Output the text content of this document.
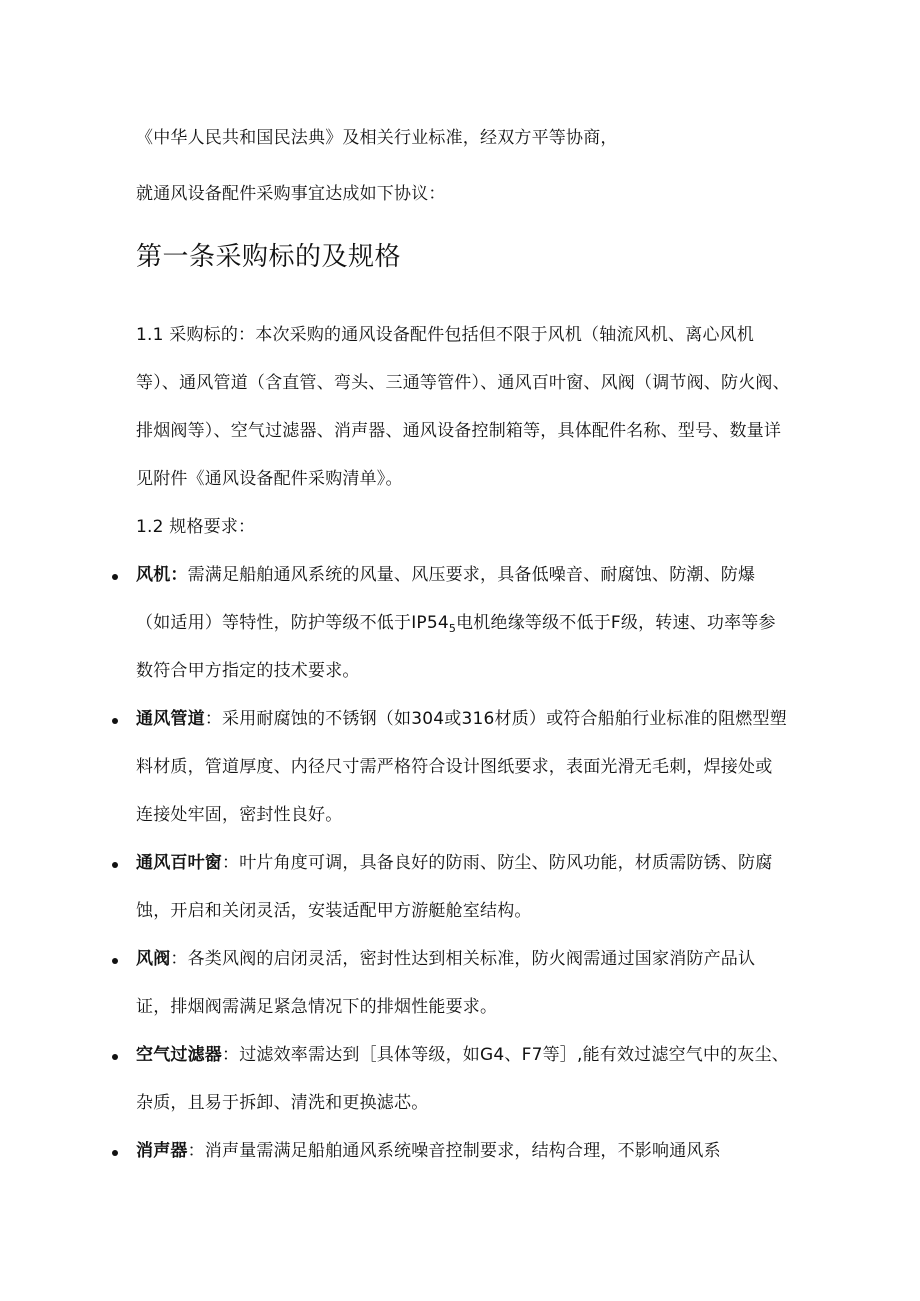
《中华人民共和国民法典》及相关行业标准，经双方平等协商，
就通风设备配件采购事宜达成如下协议：
第一条采购标的及规格
1.1 采购标的：本次采购的通风设备配件包括但不限于风机（轴流风机、离心风机
等）、通风管道（含直管、弯头、三通等管件）、通风百叶窗、风阀（调节阀、防火阀、
排烟阀等）、空气过滤器、消声器、通风设备控制箱等，具体配件名称、型号、数量详
见附件《通风设备配件采购清单》。
1.2 规格要求：
风机：需满足船舶通风系统的风量、风压要求，具备低噪音、耐腐蚀、防潮、防爆
（如适用）等特性，防护等级不低于$IP54_5$电机绝缘等级不低于F级，转速、功率等参
数符合甲方指定的技术要求。
通风管道：采用耐腐蚀的不锈钢（如304或316材质）或符合船舶行业标准的阻燃型塑
料材质，管道厚度、内径尺寸需严格符合设计图纸要求，表面光滑无毛刺，焊接处或
连接处牢固，密封性良好。
通风百叶窗：叶片角度可调，具备良好的防雨、防尘、防风功能，材质需防锈、防腐
蚀，开启和关闭灵活，安装适配甲方游艇舱室结构。
风阀：各类风阀的启闭灵活，密封性达到相关标准，防火阀需通过国家消防产品认
证，排烟阀需满足紧急情况下的排烟性能要求。
空气过滤器：过滤效率需达到［具体等级，如G4、F7等］,能有效过滤空气中的灰尘、
杂质，且易于拆卸、清洗和更换滤芯。
消声器：消声量需满足船舶通风系统噪音控制要求，结构合理，不影响通风系
